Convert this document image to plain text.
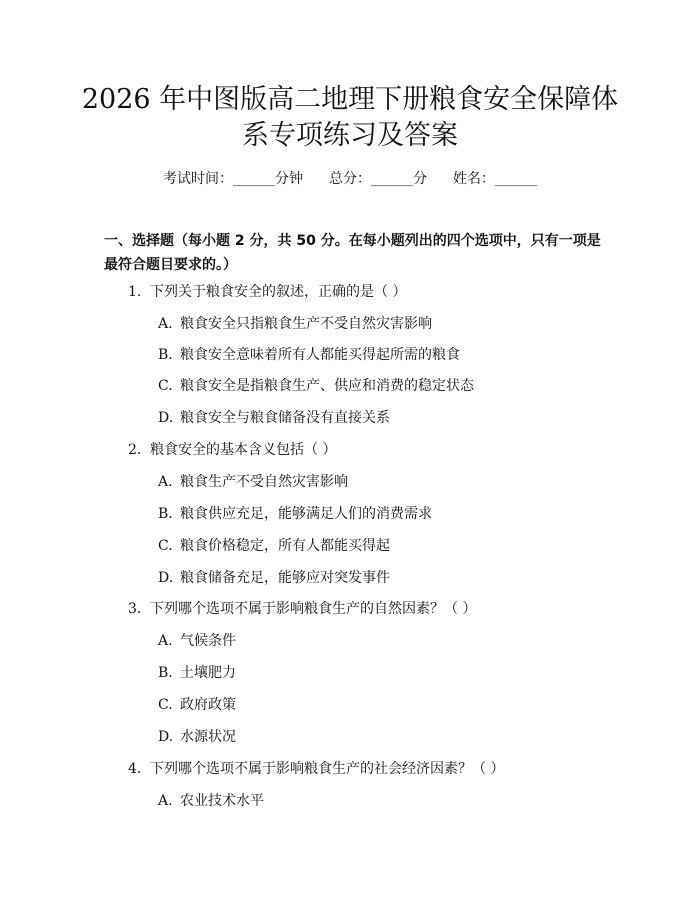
2026 年中图版高二地理下册粮食安全保障体
系专项练习及答案
考试时间：______分钟 总分：______分 姓名：______

一、选择题（每小题 2 分，共 50 分。在每小题列出的四个选项中，只有一项是最符合题目要求的。）

1. 下列关于粮食安全的叙述，正确的是（ ）
A. 粮食安全只指粮食生产不受自然灾害影响
B. 粮食安全意味着所有人都能买得起所需的粮食
C. 粮食安全是指粮食生产、供应和消费的稳定状态
D. 粮食安全与粮食储备没有直接关系
2. 粮食安全的基本含义包括（ ）
A. 粮食生产不受自然灾害影响
B. 粮食供应充足，能够满足人们的消费需求
C. 粮食价格稳定，所有人都能买得起
D. 粮食储备充足，能够应对突发事件
3. 下列哪个选项不属于影响粮食生产的自然因素？（ ）
A. 气候条件
B. 土壤肥力
C. 政府政策
D. 水源状况
4. 下列哪个选项不属于影响粮食生产的社会经济因素？（ ）
A. 农业技术水平
